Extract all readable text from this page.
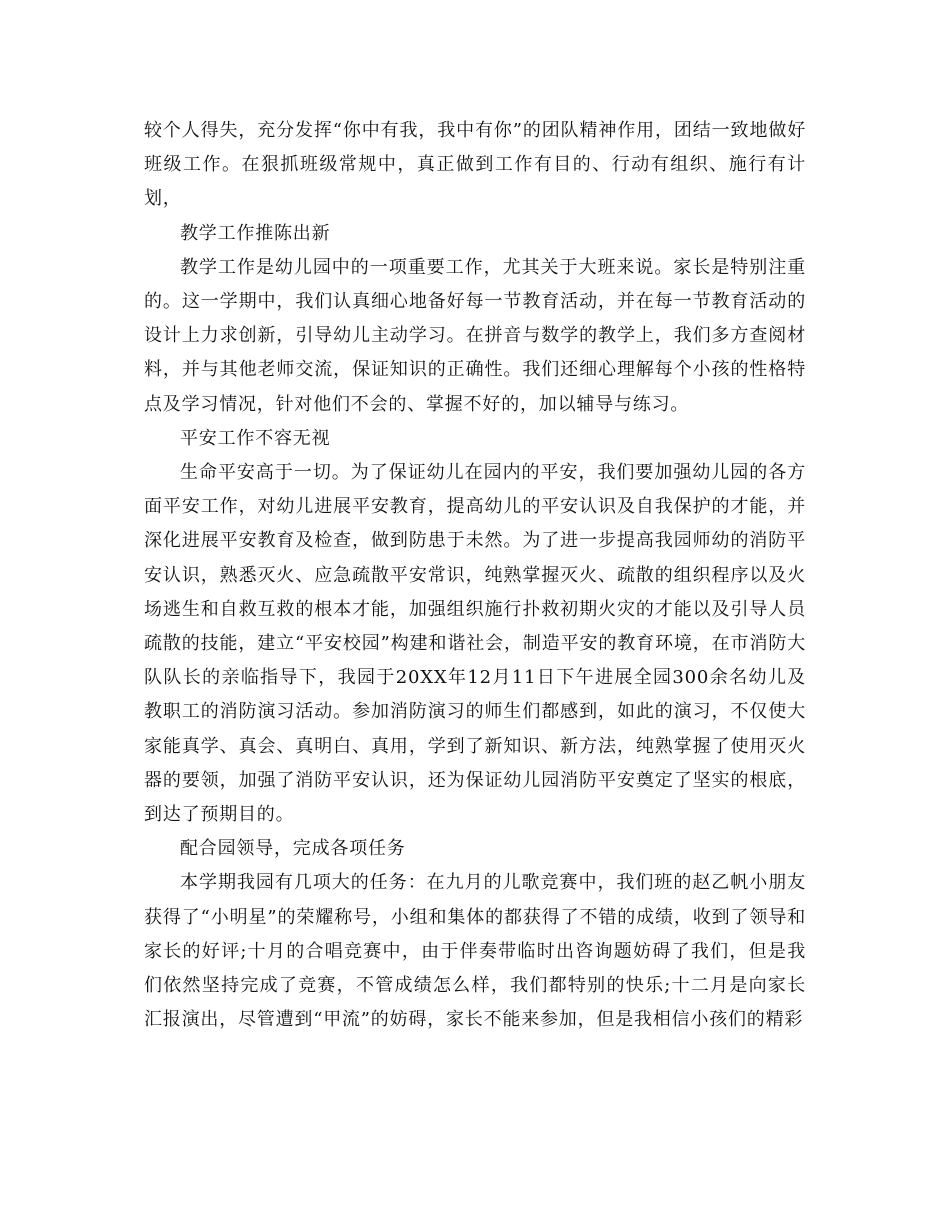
较个人得失，充分发挥“你中有我，我中有你”的团队精神作用，团结一致地做好班级工作。在狠抓班级常规中，真正做到工作有目的、行动有组织、施行有计划，

教学工作推陈出新

教学工作是幼儿园中的一项重要工作，尤其关于大班来说。家长是特别注重的。这一学期中，我们认真细心地备好每一节教育活动，并在每一节教育活动的设计上力求创新，引导幼儿主动学习。在拼音与数学的教学上，我们多方查阅材料，并与其他老师交流，保证知识的正确性。我们还细心理解每个小孩的性格特点及学习情况，针对他们不会的、掌握不好的，加以辅导与练习。

平安工作不容无视

生命平安高于一切。为了保证幼儿在园内的平安，我们要加强幼儿园的各方面平安工作，对幼儿进展平安教育，提高幼儿的平安认识及自我保护的才能，并深化进展平安教育及检查，做到防患于未然。为了进一步提高我园师幼的消防平安认识，熟悉灭火、应急疏散平安常识，纯熟掌握灭火、疏散的组织程序以及火场逃生和自救互救的根本才能，加强组织施行扑救初期火灾的才能以及引导人员疏散的技能，建立“平安校园”构建和谐社会，制造平安的教育环境，在市消防大队队长的亲临指导下，我园于20XX年12月11日下午进展全园300余名幼儿及教职工的消防演习活动。参加消防演习的师生们都感到，如此的演习，不仅使大家能真学、真会、真明白、真用，学到了新知识、新方法，纯熟掌握了使用灭火器的要领，加强了消防平安认识，还为保证幼儿园消防平安奠定了坚实的根底，到达了预期目的。

配合园领导，完成各项任务

本学期我园有几项大的任务：在九月的儿歌竞赛中，我们班的赵乙帆小朋友获得了“小明星”的荣耀称号，小组和集体的都获得了不错的成绩，收到了领导和家长的好评;十月的合唱竞赛中，由于伴奏带临时出咨询题妨碍了我们，但是我们依然坚持完成了竞赛，不管成绩怎么样，我们都特别的快乐;十二月是向家长汇报演出，尽管遭到“甲流”的妨碍，家长不能来参加，但是我相信小孩们的精彩
